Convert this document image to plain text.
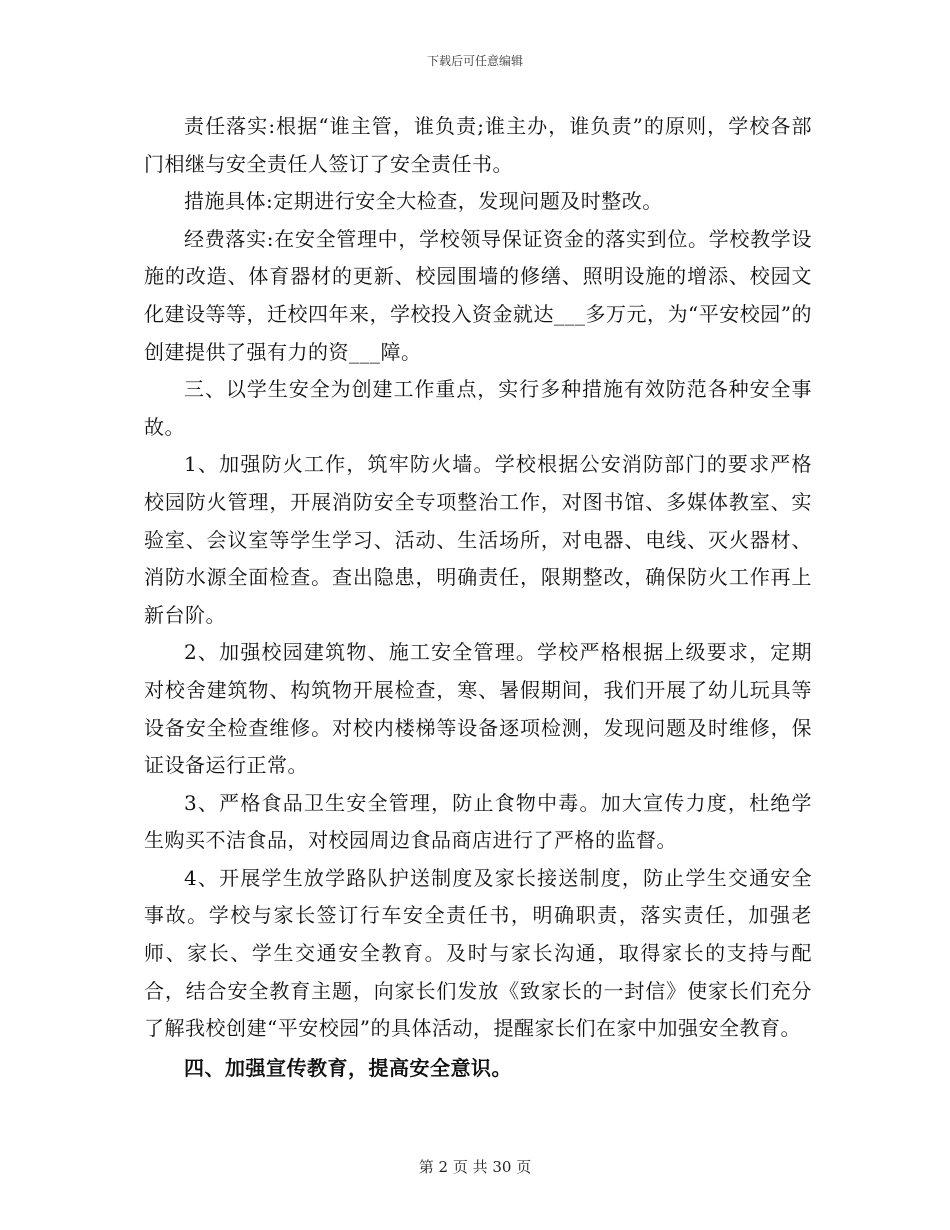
下载后可任意编辑

责任落实:根据“谁主管，谁负责;谁主办，谁负责”的原则，学校各部门相继与安全责任人签订了安全责任书。

措施具体:定期进行安全大检查，发现问题及时整改。

经费落实:在安全管理中，学校领导保证资金的落实到位。学校教学设施的改造、体育器材的更新、校园围墙的修缮、照明设施的增添、校园文化建设等等，迁校四年来，学校投入资金就达___多万元，为“平安校园”的创建提供了强有力的资___障。

三、以学生安全为创建工作重点，实行多种措施有效防范各种安全事故。

1、加强防火工作，筑牢防火墙。学校根据公安消防部门的要求严格校园防火管理，开展消防安全专项整治工作，对图书馆、多媒体教室、实验室、会议室等学生学习、活动、生活场所，对电器、电线、灭火器材、消防水源全面检查。查出隐患，明确责任，限期整改，确保防火工作再上新台阶。

2、加强校园建筑物、施工安全管理。学校严格根据上级要求，定期对校舍建筑物、构筑物开展检查，寒、暑假期间，我们开展了幼儿玩具等设备安全检查维修。对校内楼梯等设备逐项检测，发现问题及时维修，保证设备运行正常。

3、严格食品卫生安全管理，防止食物中毒。加大宣传力度，杜绝学生购买不洁食品，对校园周边食品商店进行了严格的监督。

4、开展学生放学路队护送制度及家长接送制度，防止学生交通安全事故。学校与家长签订行车安全责任书，明确职责，落实责任，加强老师、家长、学生交通安全教育。及时与家长沟通，取得家长的支持与配合，结合安全教育主题，向家长们发放《致家长的一封信》使家长们充分了解我校创建“平安校园”的具体活动，提醒家长们在家中加强安全教育。

四、加强宣传教育，提高安全意识。

第 2 页 共 30 页
